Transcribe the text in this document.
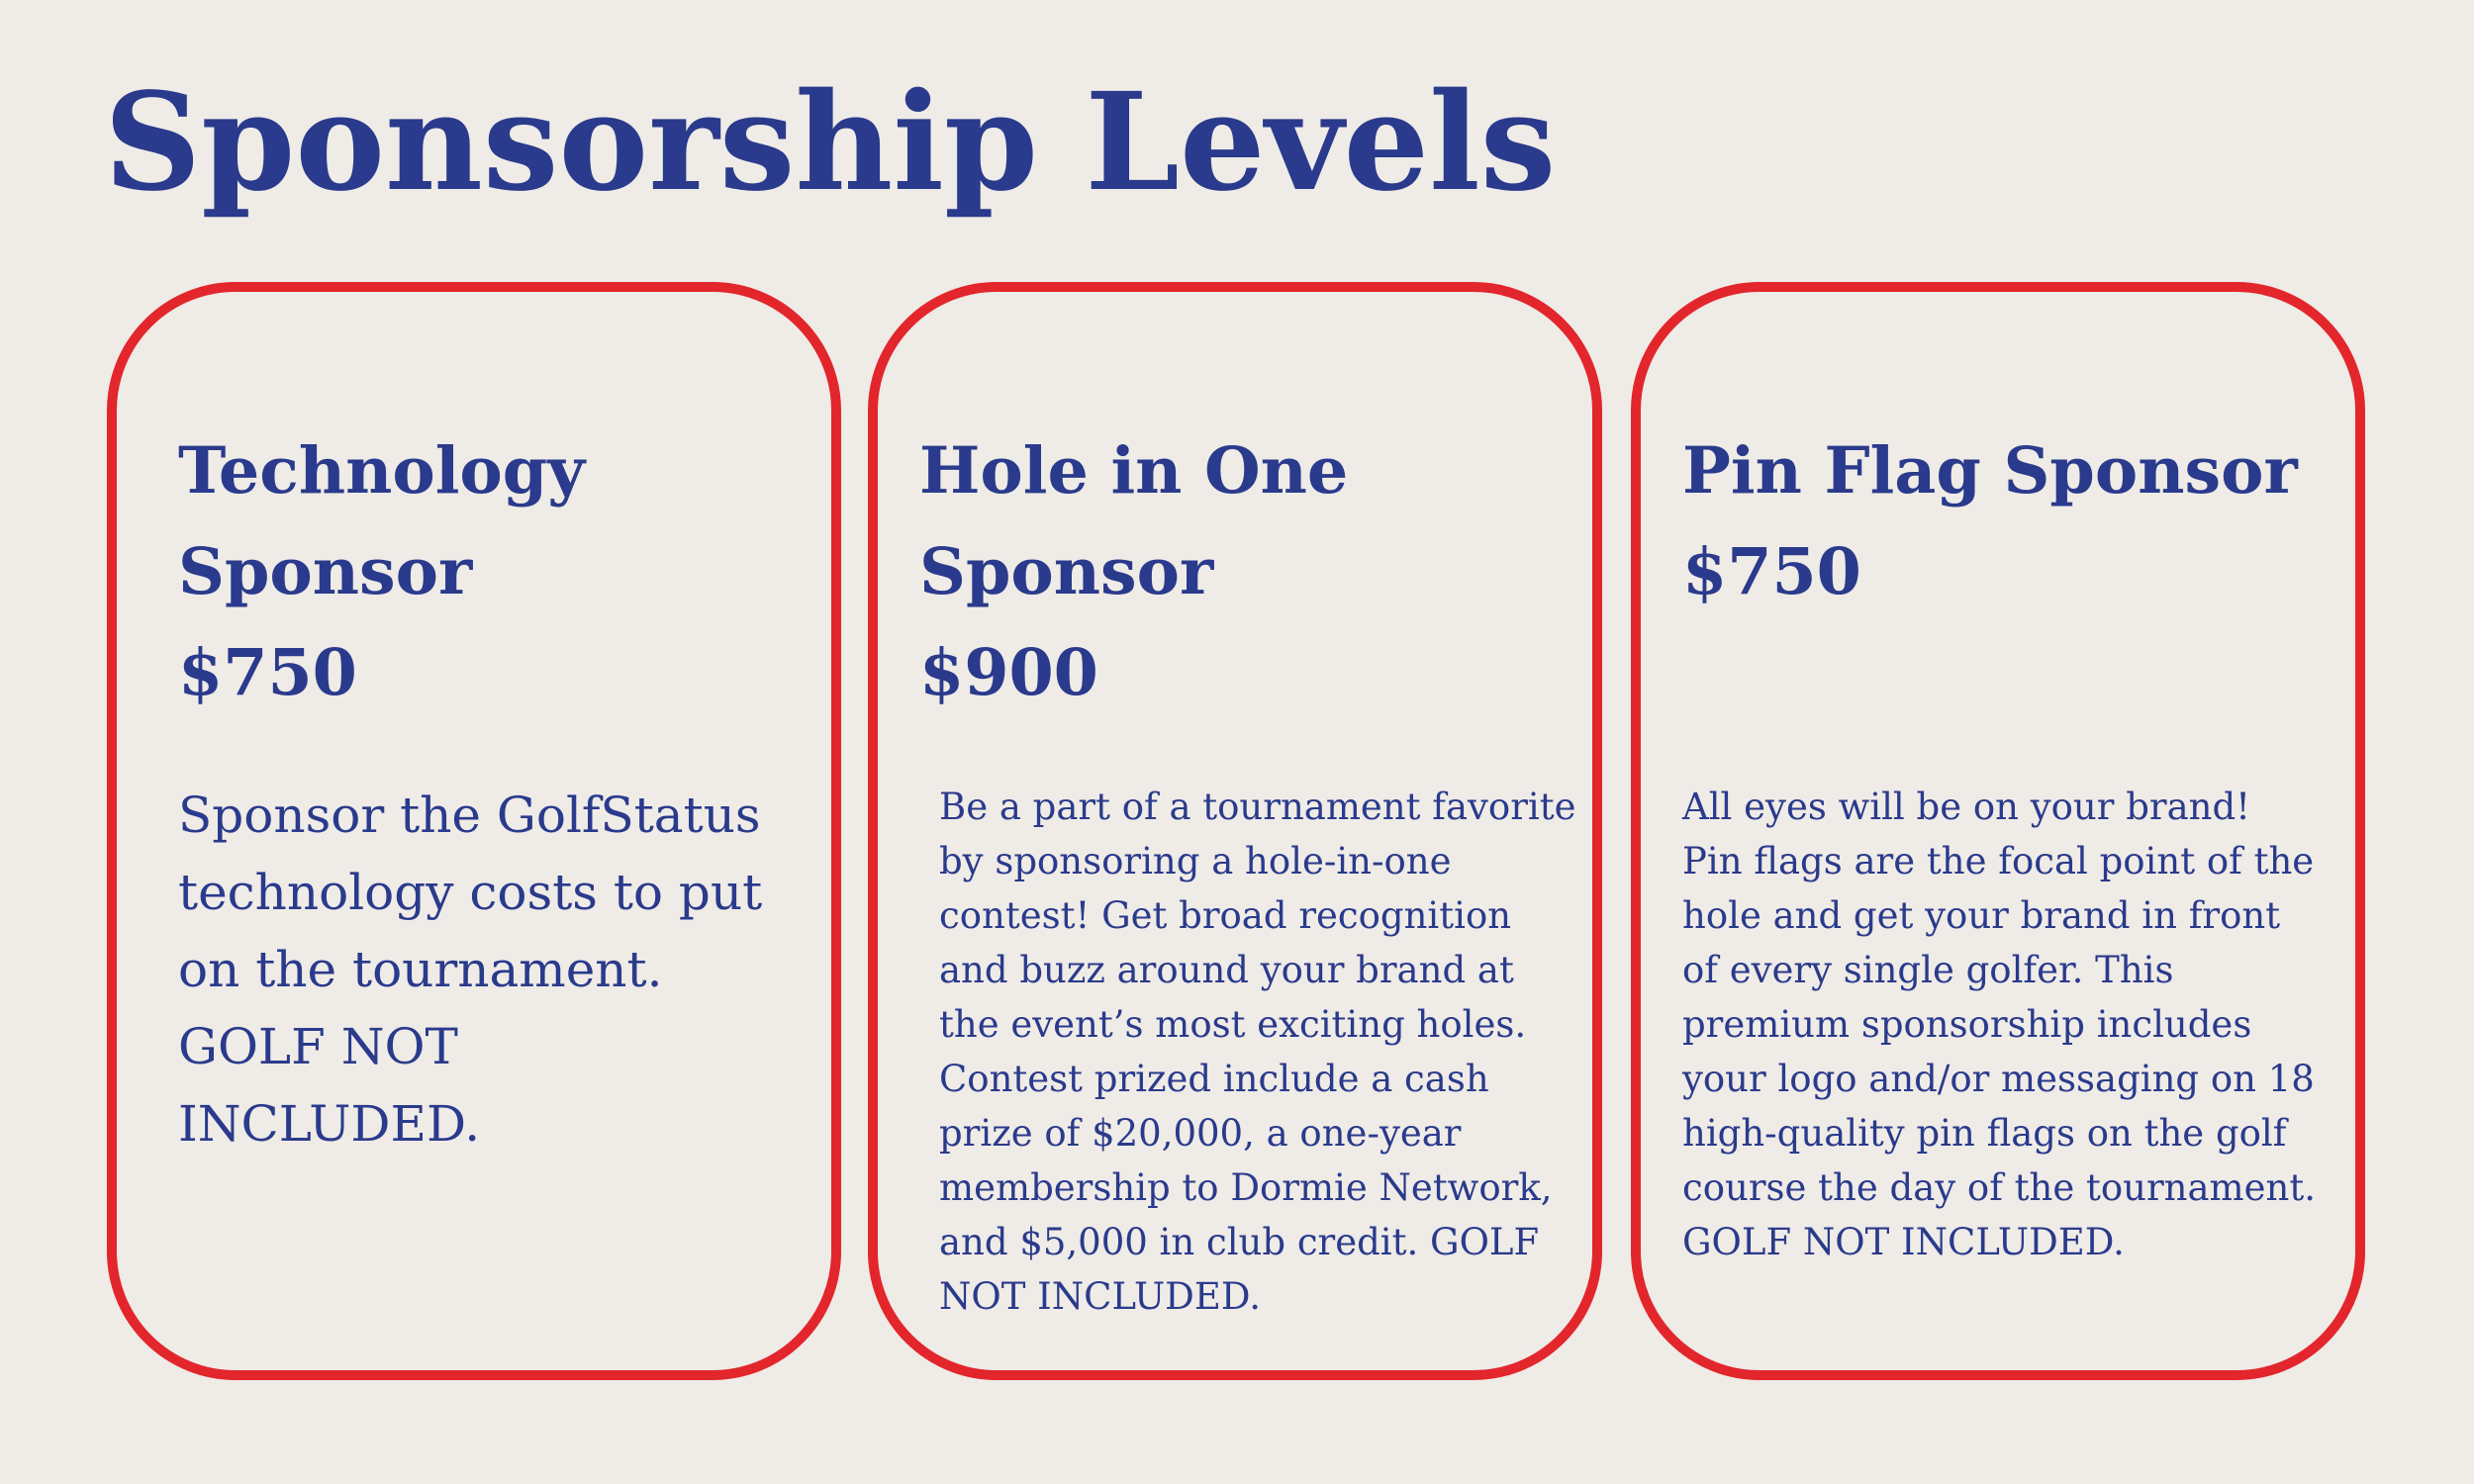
Sponsorship Levels
Technology
Sponsor
$750

Sponsor the GolfStatus
technology costs to put
on the tournament.
GOLF NOT
INCLUDED.

Hole in One
Sponsor
$900

Be a part of a tournament favorite
by sponsoring a hole-in-one
contest! Get broad recognition
and buzz around your brand at
the event’s most exciting holes.
Contest prized include a cash
prize of $20,000, a one-year
membership to Dormie Network,
and $5,000 in club credit. GOLF
NOT INCLUDED.

Pin Flag Sponsor
$750

All eyes will be on your brand!
Pin flags are the focal point of the
hole and get your brand in front
of every single golfer. This
premium sponsorship includes
your logo and/or messaging on 18
high-quality pin flags on the golf
course the day of the tournament.
GOLF NOT INCLUDED.
